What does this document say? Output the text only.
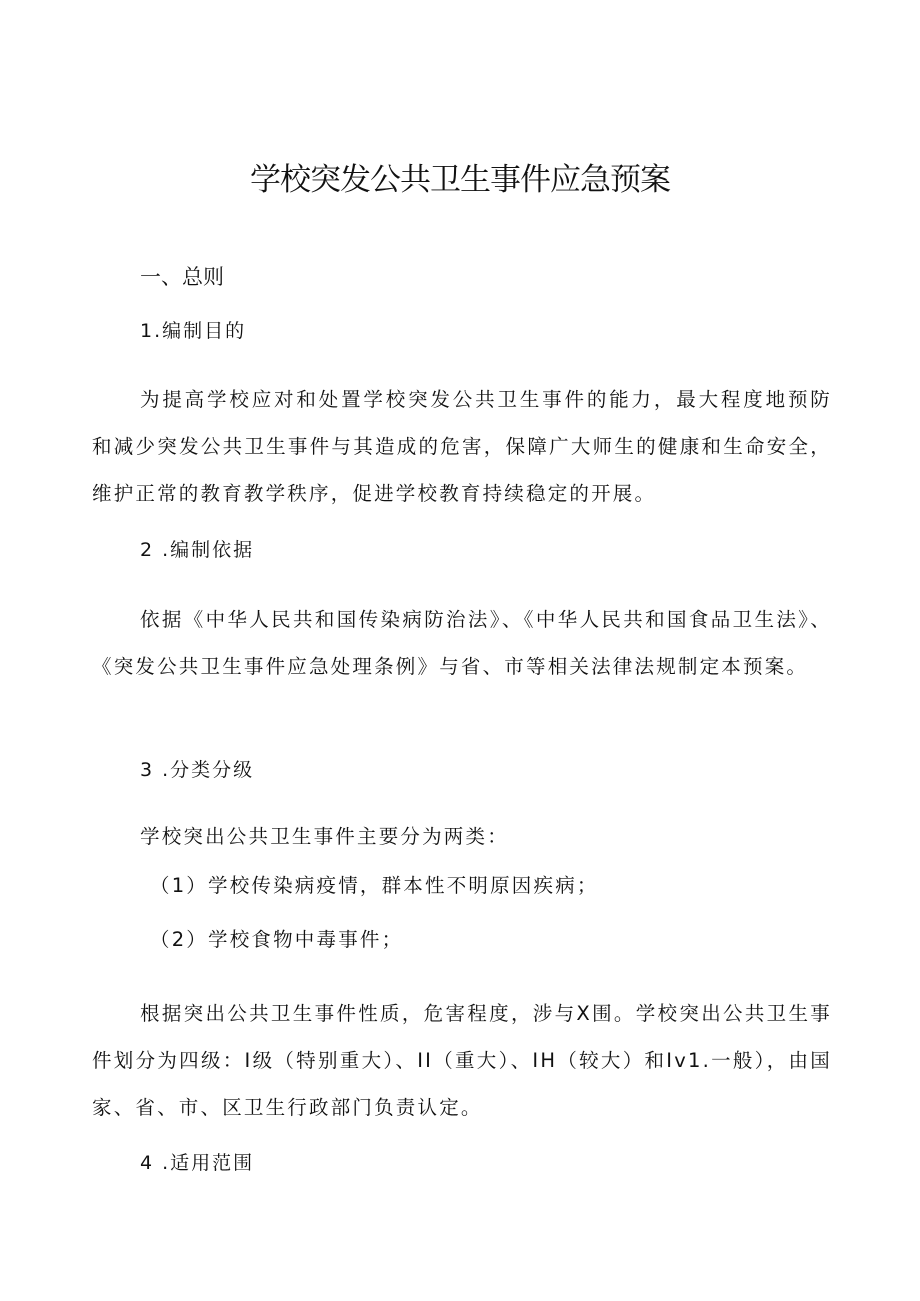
学校突发公共卫生事件应急预案

一、总则

1.编制目的

为提高学校应对和处置学校突发公共卫生事件的能力，最大程度地预防和减少突发公共卫生事件与其造成的危害，保障广大师生的健康和生命安全，维护正常的教育教学秩序，促进学校教育持续稳定的开展。

2 .编制依据

依据《中华人民共和国传染病防治法》、《中华人民共和国食品卫生法》、《突发公共卫生事件应急处理条例》与省、市等相关法律法规制定本预案。

3 .分类分级

学校突出公共卫生事件主要分为两类：

（1）学校传染病疫情，群本性不明原因疾病；

（2）学校食物中毒事件；

根据突出公共卫生事件性质，危害程度，涉与X围。学校突出公共卫生事件划分为四级：I级（特别重大）、II（重大）、IH（较大）和Iv1.一般），由国家、省、市、区卫生行政部门负责认定。

4 .适用范围
